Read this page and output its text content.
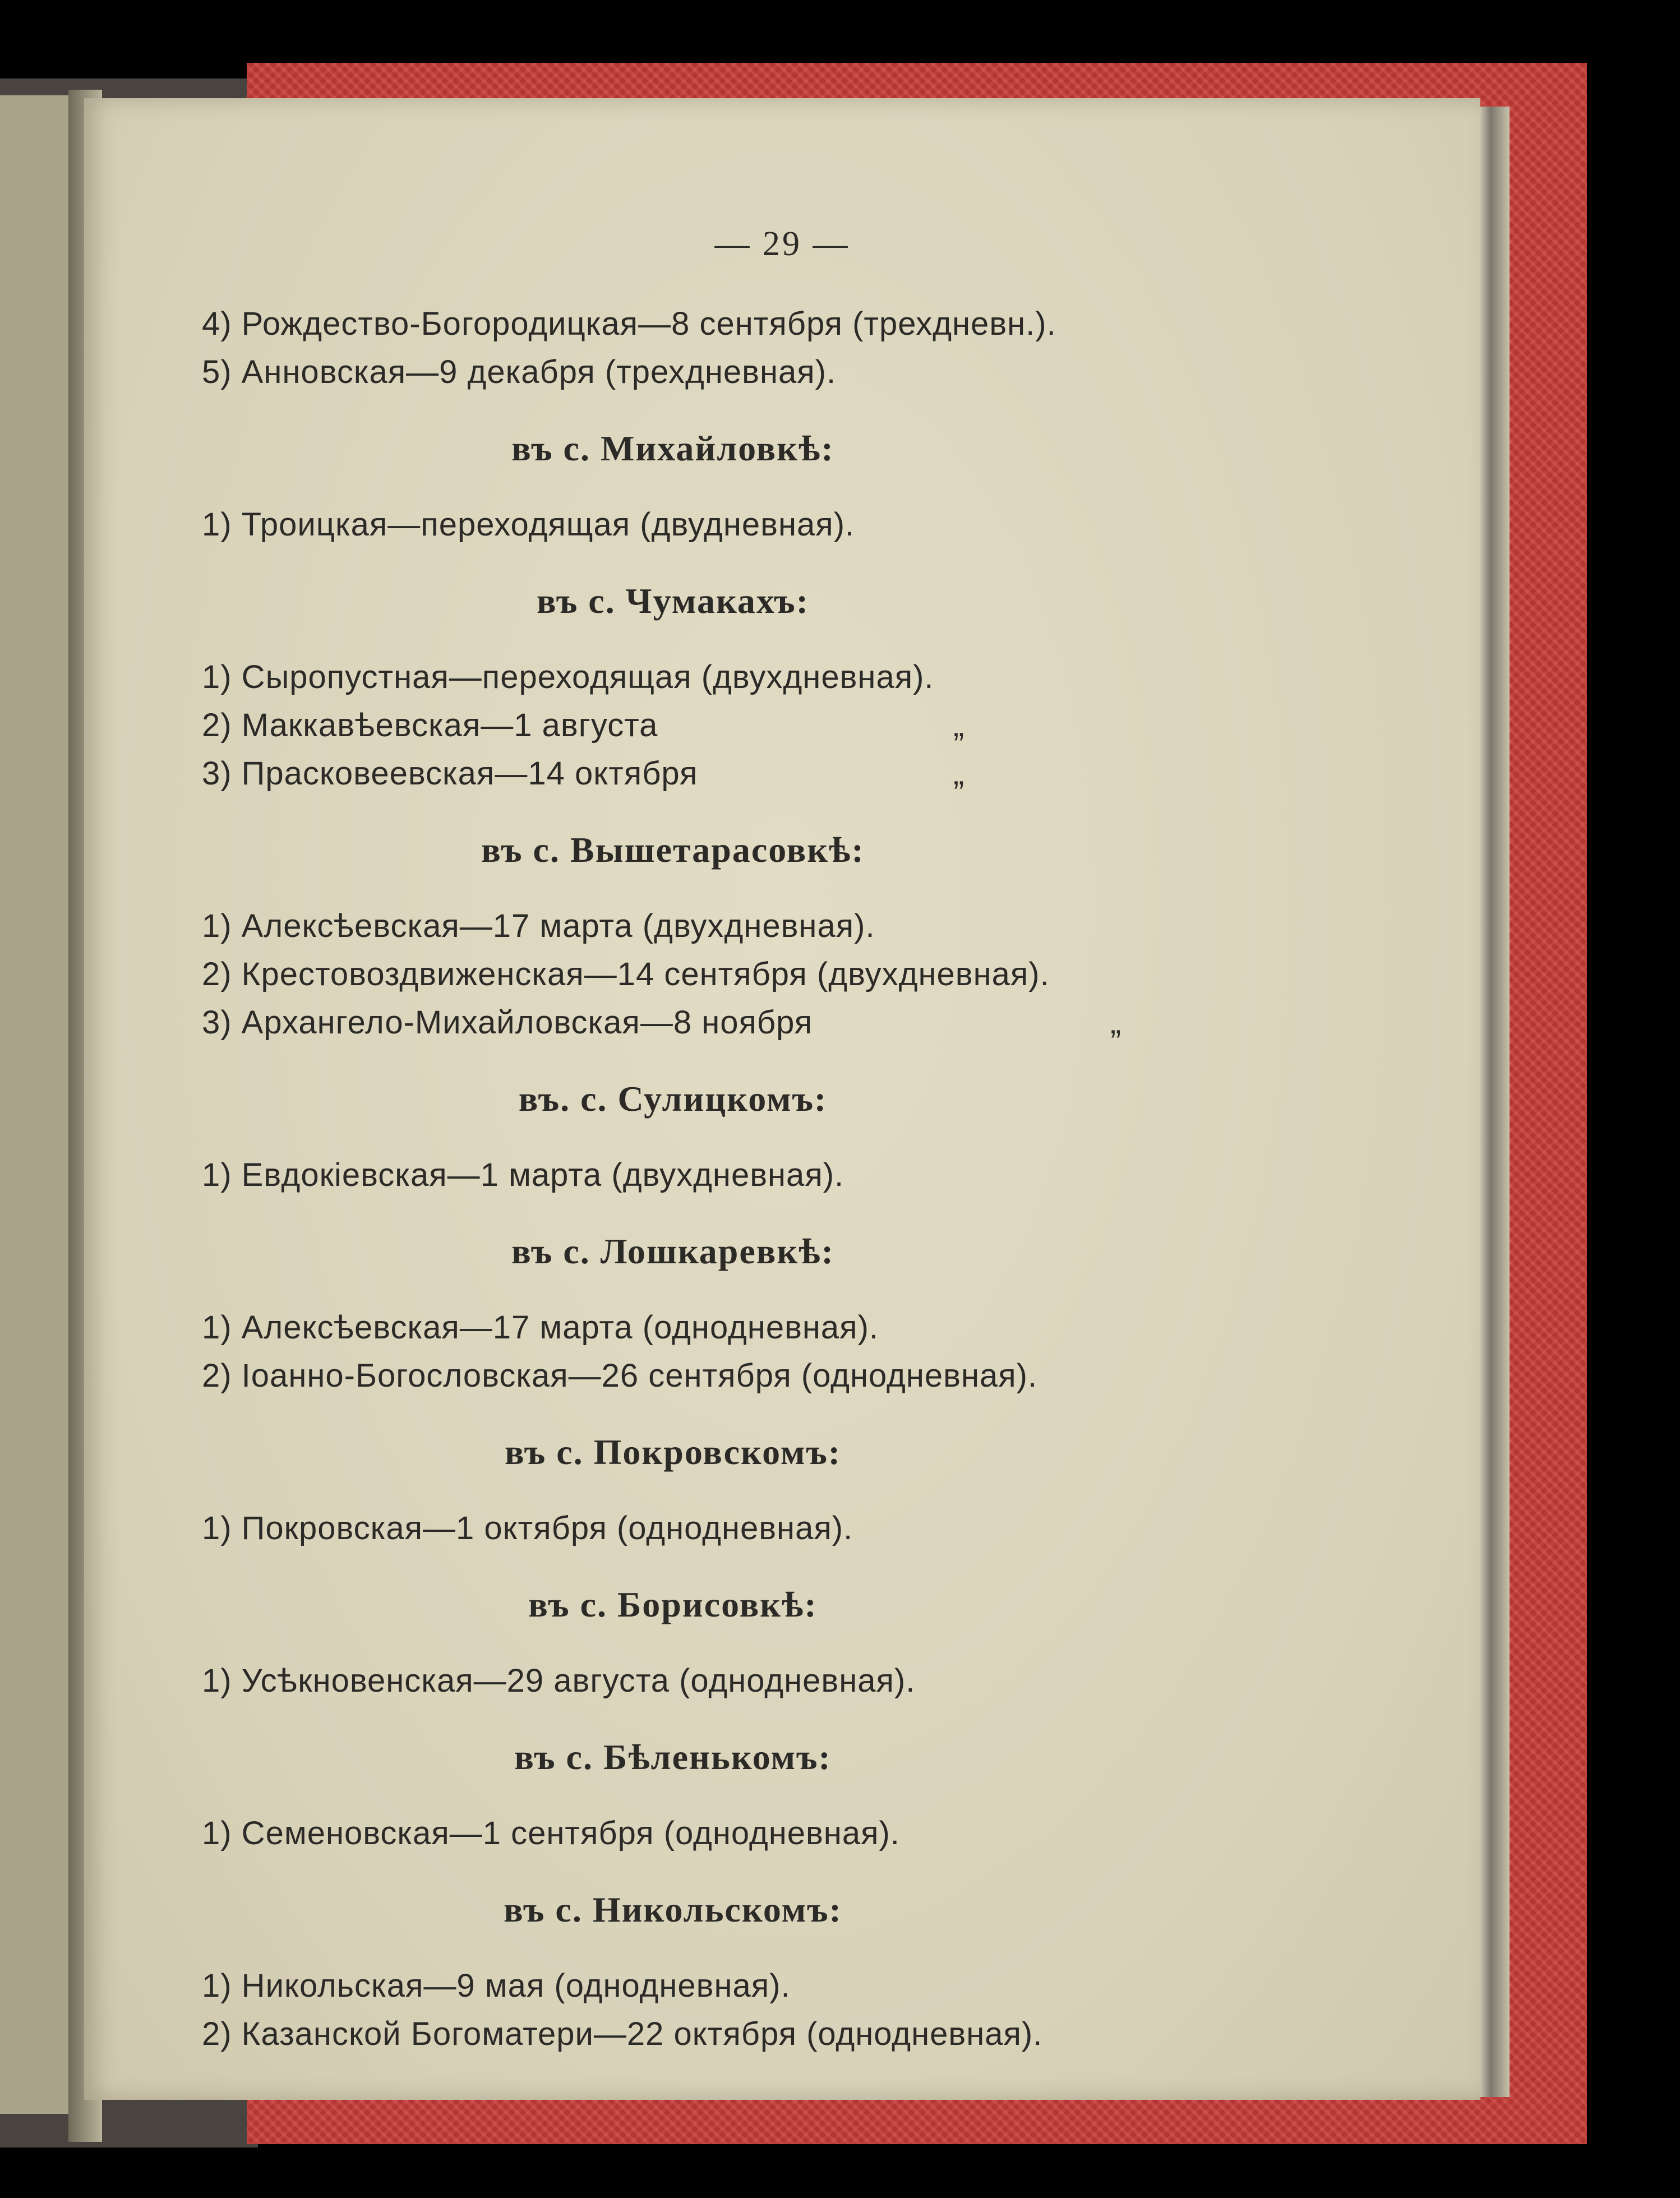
— 29 —
4) Рождество-Богородицкая—8 сентября (трехдневн.).
5) Анновская—9 декабря (трехдневная).
въ с. Михайловкѣ:
1) Троицкая—переходящая (двудневная).
въ с. Чумакахъ:
1) Сыропустная—переходящая (двухдневная).
2) Маккавѣевская—1 августа	„
3) Прасковеевская—14 октября	„
въ с. Вышетарасовкѣ:
1) Алексѣевская—17 марта (двухдневная).
2) Крестовоздвиженская—14 сентября (двухдневная).
3) Архангело-Михайловская—8 ноября	„
въ. с. Сулицкомъ:
1) Евдокіевская—1 марта (двухдневная).
въ с. Лошкаревкѣ:
1) Алексѣевская—17 марта (однодневная).
2) Іоанно-Богословская—26 сентября (однодневная).
въ с. Покровскомъ:
1) Покровская—1 октября (однодневная).
въ с. Борисовкѣ:
1) Усѣкновенская—29 августа (однодневная).
въ с. Бѣленькомъ:
1) Семеновская—1 сентября (однодневная).
въ с. Никольскомъ:
1) Никольская—9 мая (однодневная).
2) Казанской Богоматери—22 октября (однодневная).
